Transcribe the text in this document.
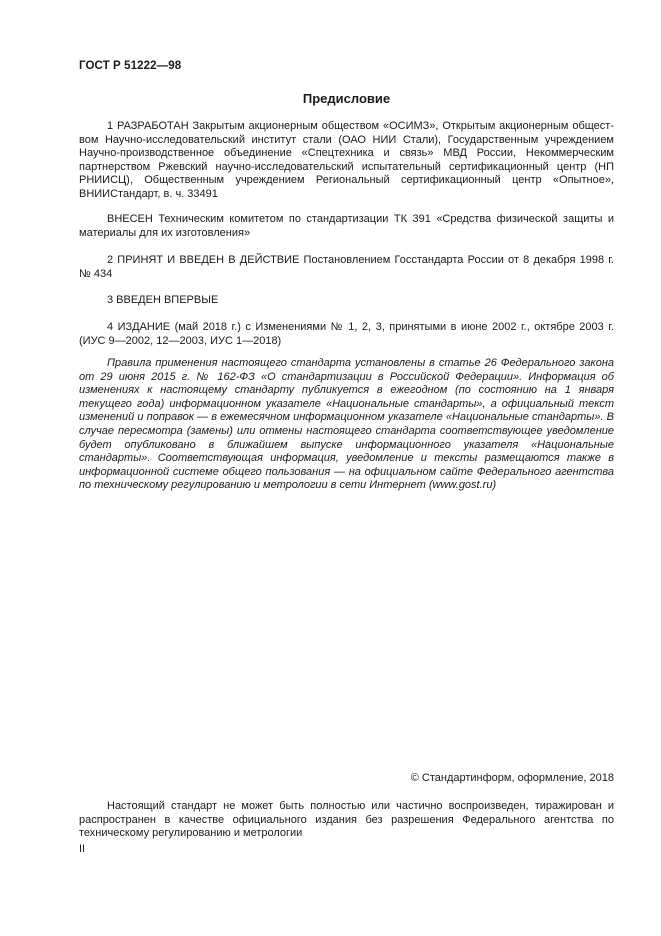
ГОСТ Р 51222—98
Предисловие
1 РАЗРАБОТАН Закрытым акционерным обществом «ОСИМЗ», Открытым акционерным обществом Научно-исследовательский институт стали (ОАО НИИ Стали), Государственным учреждением Научно-производственное объединение «Спецтехника и связь» МВД России, Некоммерческим партнерством Ржевский научно-исследовательский испытательный сертификационный центр (НП РНИИСЦ), Общественным учреждением Региональный сертификационный центр «Опытное», ВНИИСтандарт, в. ч. 33491
ВНЕСЕН Техническим комитетом по стандартизации ТК 391 «Средства физической защиты и материалы для их изготовления»
2 ПРИНЯТ И ВВЕДЕН В ДЕЙСТВИЕ Постановлением Госстандарта России от 8 декабря 1998 г. № 434
3 ВВЕДЕН ВПЕРВЫЕ
4 ИЗДАНИЕ (май 2018 г.) с Изменениями № 1, 2, 3, принятыми в июне 2002 г., октябре 2003 г. (ИУС 9—2002, 12—2003, ИУС 1—2018)
Правила применения настоящего стандарта установлены в статье 26 Федерального закона от 29 июня 2015 г. № 162-ФЗ «О стандартизации в Российской Федерации». Информация об изменениях к настоящему стандарту публикуется в ежегодном (по состоянию на 1 января текущего года) информационном указателе «Национальные стандарты», а официальный текст изменений и поправок — в ежемесячном информационном указателе «Национальные стандарты». В случае пересмотра (замены) или отмены настоящего стандарта соответствующее уведомление будет опубликовано в ближайшем выпуске информационного указателя «Национальные стандарты». Соответствующая информация, уведомление и тексты размещаются также в информационной системе общего пользования — на официальном сайте Федерального агентства по техническому регулированию и метрологии в сети Интернет (www.gost.ru)
© Стандартинформ, оформление, 2018
Настоящий стандарт не может быть полностью или частично воспроизведен, тиражирован и распространен в качестве официального издания без разрешения Федерального агентства по техническому регулированию и метрологии
II
